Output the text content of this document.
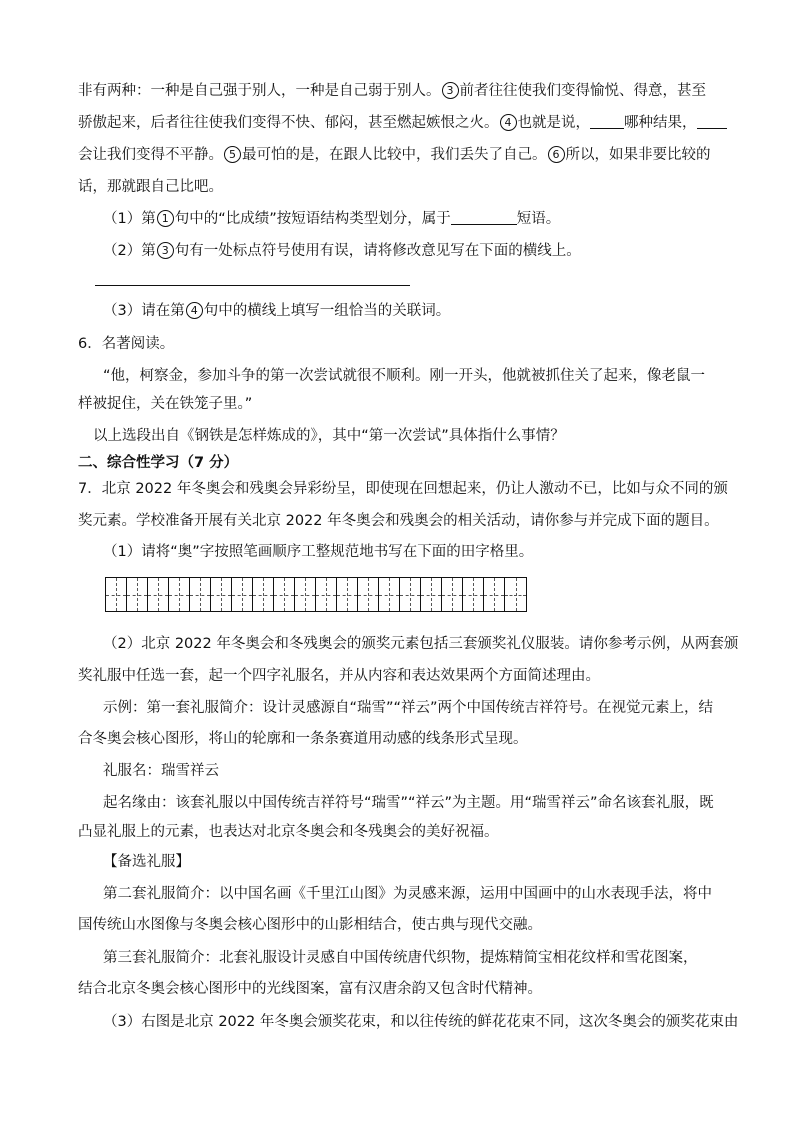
非有两种：一种是自己强于别人，一种是自己弱于别人。 3 前者往往使我们变得愉悦、得意，甚至
骄傲起来，后者往往使我们变得不快、郁闷，甚至燃起嫉恨之火。 4 也就是说， 哪种结果，
会让我们变得不平静。 5 最可怕的是，在跟人比较中，我们丢失了自己。 6 所以，如果非要比较的
话，那就跟自己比吧。
（1）第 1 句中的“比成绩”按短语结构类型划分，属于	短语。
（2）第 3 句有一处标点符号使用有误，请将修改意见写在下面的横线上。
（3）请在第 4 句中的横线上填写一组恰当的关联词。
6．名著阅读。
“他，柯察金，参加斗争的第一次尝试就很不顺利。刚一开头，他就被抓住关了起来，像老鼠一
样被捉住，关在铁笼子里。”
以上选段出自《钢铁是怎样炼成的》，其中“第一次尝试”具体指什么事情？
二、综合性学习（7 分）
7．北京 2022 年冬奥会和残奥会异彩纷呈，即使现在回想起来，仍让人激动不已，比如与众不同的颁
奖元素。学校准备开展有关北京 2022 年冬奥会和残奥会的相关活动，请你参与并完成下面的题目。
（1）请将“奥”字按照笔画顺序工整规范地书写在下面的田字格里。
（2）北京 2022 年冬奥会和冬残奥会的颁奖元素包括三套颁奖礼仪服装。请你参考示例，从两套颁
奖礼服中任选一套，起一个四字礼服名，并从内容和表达效果两个方面简述理由。
示例：第一套礼服简介：设计灵感源自“瑞雪”“祥云”两个中国传统吉祥符号。在视觉元素上，结
合冬奥会核心图形，将山的轮廓和一条条赛道用动感的线条形式呈现。
礼服名：瑞雪祥云
起名缘由：该套礼服以中国传统吉祥符号“瑞雪”“祥云”为主题。用“瑞雪祥云”命名该套礼服，既
凸显礼服上的元素，也表达对北京冬奥会和冬残奥会的美好祝福。
【备选礼服】
第二套礼服简介：以中国名画《千里江山图》为灵感来源，运用中国画中的山水表现手法，将中
国传统山水图像与冬奥会核心图形中的山影相结合，使古典与现代交融。
第三套礼服简介：北套礼服设计灵感自中国传统唐代织物，提炼精简宝相花纹样和雪花图案，
结合北京冬奥会核心图形中的光线图案，富有汉唐余韵又包含时代精神。
（3）右图是北京 2022 年冬奥会颁奖花束，和以往传统的鲜花花束不同，这次冬奥会的颁奖花束由
